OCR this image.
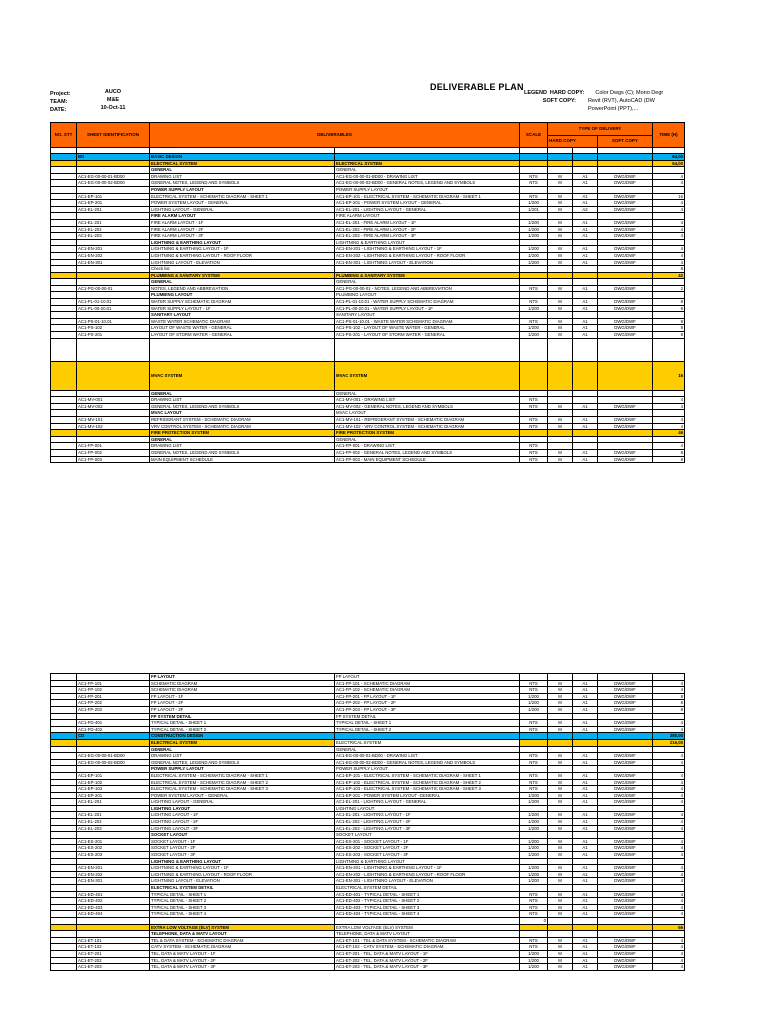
DELIVERABLE PLAN
Project:
TEAM:
DATE:
AUCO
M&E
10-Oct-11
LEGEND HARD COPY: Color Dwgs (C); Mono Degr
SOFT COPY: Revit (RVT), AutoCAD (DW
PowerPoint (PPT),...
NO. STT	SHEET IDENTIFICATION	DELIVERABLES		SCALE	TYPE OF DELIVERY			TIME (H)
					HARD COPY		SOFT COPY	

	BD	BASIC DESIGN						64,00
		ELECTRICAL SYSTEM	ELECTRICAL SYSTEM					64,00
		GENERAL	GENERAL					
	AC1-EG-00-00-01-BD00	DRAWING LIST	AC1-EG-00-00-01-BD00 - DRAWING LIST	NTS	M	A1	DWG/DWF	4
	AC1-EG-00-00-02-BD00	GENERAL NOTES, LEGEND AND SYMBOLS	AC1-EG-00-00-02-BD00 - GENERAL NOTES, LEGEND AND SYMBOLS	NTS	M	A1	DWG/DWF	4
		POWER SUPPLY LAYOUT	POWER SUPPLY LAYOUT					
	AC1-EP-101	ELECTRICAL SYSTEM - SCHEMATIC DIAGRAM - SHEET 1	AC1-EP-101 - ELECTRICAL SYSTEM - SCHEMATIC DIAGRAM - SHEET 1	NTS	M	A1	DWG/DWF	16
	AC1-EP-201	POWER SYSTEM LAYOUT - GENERAL	AC1-EP-201 - POWER SYSTEM LAYOUT - GENERAL	1/200	M	A1	DWG/DWF	4
	AC1-EL-201	LIGHTING LAYOUT - GENERAL	AC1-EL-201 - LIGHTING LAYOUT - GENERAL	1/201	M	A2	DWG/DWF	4
		FIRE ALARM LAYOUT	FIRE ALARM LAYOUT					
	AC1-EL-201	FIRE ALARM LAYOUT - 1F	AC1-EL-201 - FIRE ALARM LAYOUT - 1F	1/200	M	A1	DWG/DWF	4
	AC1-EL-202	FIRE ALARM LAYOUT - 2F	AC1-EL-202 - FIRE ALARM LAYOUT - 2F	1/200	M	A1	DWG/DWF	4
	AC1-EL-203	FIRE ALARM LAYOUT - 3F	AC1-EL-203 - FIRE ALARM LAYOUT - 3F	1/200	M	A1	DWG/DWF	4
		LIGHTNING & EARTHING LAYOUT	LIGHTNING & EARTHING LAYOUT					
	AC1-EN-201	LIGHTNING & EARTHING LAYOUT - 1F	AC1-EN-201 - LIGHTNING & EARTHING LAYOUT - 1F	1/200	M	A1	DWG/DWF	4
	AC1-EN-202	LIGHTNING & EARTHING LAYOUT - ROOF FLOOR	AC1-EN-202 - LIGHTNING & EARTHING LAYOUT - ROOF FLOOR	1/200	M	A1	DWG/DWF	4
	AC1-EN-301	LIGHTNING LAYOUT - ELEVATION	AC1-EN-301 - LIGHTNING LAYOUT - ELEVATION	1/200	M	A1	DWG/DWF	4
		Check list						8
		PLUMBING & SANITARY SYSTEM	PLUMBING & SANITARY SYSTEM					42
		GENERAL	GENERAL					
	AC1-PG-00-00-01	NOTES, LEGEND AND ABBREVIATION	AC1-PG-00-00-01 - NOTES, LEGEND AND ABBREVIATION	NTS	M	A1	DWG/DWF	2
		PLUMBING LAYOUT	PLUMBING LAYOUT					
	AC1-PL-01-10.01	WATER SUPPLY SCHEMATIC DIAGRAM	AC1-PL-01-10.01 - WATER SUPPLY SCHEMATIC DIAGRAM	NTS	M	A1	DWG/DWF	8
	AC1-PL-00-20.01	WATER SUPPLY LAYOUT - 1F	AC1-PL-00-20.01 - WATER SUPPLY LAYOUT - 1F	1/200	M	A1	DWG/DWF	8
		SANITARY LAYOUT	SANITARY LAYOUT					
	AC1-PS-01-10.01	WASTE WATER SCHEMATIC DIAGRAM	AC1-PS-01-10.01 - WASTE WATER SCHEMATIC DIAGRAM	NTS	M	A1	DWG/DWF	8
	AC1-PS-102	LAYOUT OF WASTE WATER - GENERAL	AC1-PS-102 - LAYOUT OF WASTE WATER - GENERAL	1/200	M	A1	DWG/DWF	8
	AC1-PS-201	LAYOUT OF STORM WATER - GENERAL	AC1-PS-201 - LAYOUT OF STORM WATER - GENERAL	1/200	M	A1	DWG/DWF	8

		MVAC SYSTEM	MVAC SYSTEM					16
		GENERAL	GENERAL					
	AC1-MV-001	DRAWING LIST	AC1-MV-001 - DRAWING LIST	NTS				4
	AC1-MV-002	GENERAL NOTES, LEGEND AND SYMBOLS	AC1-MV-002 - GENERAL NOTES, LEGEND AND SYMBOLS	NTS	M	A1	DWG/DWF	4
		MVAC LAYOUT	MVAC LAYOUT					
	AC1-MV-101	REFRIGERANT SYSTEM - SCHEMATIC DIAGRAM	AC1-MV-101 - REFRIGERANT SYSTEM - SCHEMATIC DIAGRAM	NTS	M	A1	DWG/DWF	4
	AC1-MV-102	VRV CONTROL SYSTEM - SCHEMATIC DIAGRAM	AC1-MV-102 - VRV CONTROL SYSTEM - SCHEMATIC DIAGRAM	NTS	M	A1	DWG/DWF	4
		FIRE PROTECTION SYSTEM	FIRE PROTECTION SYSTEM					46
		GENERAL	GENERAL					
	AC1-FP-001	DRAWING LIST	AC1-FP-001 - DRAWING LIST	NTS				4
	AC1-FP-002	GENERAL NOTES, LEGEND AND SYMBOLS	AC1-FP-002 - GENERAL NOTES, LEGEND AND SYMBOLS	NTS	M	A1	DWG/DWF	8
	AC1-FP-003	MAIN EQUIPMENT SCHEDULE	AC1-FP-003 - MAIN EQUIPMENT SCHEDULE	NTS	M	A1	DWG/DWF	8
		FP LAYOUT	FP LAYOUT					
	AC1-FP-101	SCHEMATIC DIAGRAM	AC1-FP-101 - SCHEMATIC DIAGRAM	NTS	M	A1	DWG/DWF	4
	AC1-FP-102	SCHEMATIC DIAGRAM	AC1-FP-102 - SCHEMATIC DIAGRAM	NTS	M	A1	DWG/DWF	4
	AC1-FP-201	FP LAYOUT - 1F	AC1-FP-201 - FP LAYOUT - 1F	1/200	M	A1	DWG/DWF	8
	AC1-FP-202	FP LAYOUT - 2F	AC1-FP-202 - FP LAYOUT - 2F	1/200	M	A1	DWG/DWF	8
	AC1-FP-203	FP LAYOUT - 3F	AC1-FP-203 - FP LAYOUT - 3F	1/200	M	A1	DWG/DWF	8
		FP SYSTEM DETAIL	FP SYSTEM DETAIL					
	AC1-FD-401	TYPICAL DETAIL - SHEET 1	TYPICAL DETAIL - SHEET 1	NTS	M	A1	DWG/DWF	4
	AC1-FD-402	TYPICAL DETAIL - SHEET 2	TYPICAL DETAIL - SHEET 2	NTS	M	A1	DWG/DWF	4
	CD	CONSTRUCTION DESIGN						380,00
		ELECTRICAL SYSTEM	ELECTRICAL SYSTEM					216,00
		GENERAL	GENERAL					
	AC1-EG-00-00-01-BD00	DRAWING LIST	AC1-EG-00-00-01-BD00 - DRAWING LIST	NTS	M	A1	DWG/DWF	4
	AC1-EG-00-00-02-BD00	GENERAL NOTES, LEGEND AND SYMBOLS	AC1-EG-00-00-02-BD00 - GENERAL NOTES, LEGEND AND SYMBOLS	NTS	M	A1	DWG/DWF	4
		POWER SUPPLY LAYOUT	POWER SUPPLY LAYOUT					
	AC1-EP-101	ELECTRICAL SYSTEM - SCHEMATIC DIAGRAM - SHEET 1	AC1-EP-101 - ELECTRICAL SYSTEM - SCHEMATIC DIAGRAM - SHEET 1	NTS	M	A1	DWG/DWF	4
	AC1-EP-102	ELECTRICAL SYSTEM - SCHEMATIC DIAGRAM - SHEET 2	AC1-EP-102 - ELECTRICAL SYSTEM - SCHEMATIC DIAGRAM - SHEET 2	NTS	M	A1	DWG/DWF	4
	AC1-EP-103	ELECTRICAL SYSTEM - SCHEMATIC DIAGRAM - SHEET 3	AC1-EP-103 - ELECTRICAL SYSTEM - SCHEMATIC DIAGRAM - SHEET 3	NTS	M	A1	DWG/DWF	4
	AC1-EP-201	POWER SYSTEM LAYOUT - GENERAL	AC1-EP-201 - POWER SYSTEM LAYOUT -GENERAL	1/200	M	A1	DWG/DWF	4
	AC1-EL-201	LIGHTING LAYOUT - GENERAL	AC1-EL-201 - LIGHTING LAYOUT - GENERAL	1/200	M	A1	DWG/DWF	4
		LIGHTING LAYOUT	LIGHTING LAYOUT					
	AC1-EL-201	LIGHTING LAYOUT - 1F	AC1-EL-201 - LIGHTING LAYOUT - 1F	1/200	M	A1	DWG/DWF	4
	AC1-EL-202	LIGHTING LAYOUT - 2F	AC1-EL-202 - LIGHTING LAYOUT - 2F	1/200	M	A1	DWG/DWF	4
	AC1-EL-203	LIGHTING LAYOUT - 3F	AC1-EL-203 - LIGHTING LAYOUT - 3F	1/200	M	A1	DWG/DWF	4
		SOCKET LAYOUT	SOCKET LAYOUT					
	AC1-ES-201	SOCKET LAYOUT - 1F	AC1-ES-201 - SOCKET LAYOUT - 1F	1/200	M	A1	DWG/DWF	4
	AC1-ES-202	SOCKET LAYOUT - 2F	AC1-ES-202 - SOCKET LAYOUT - 2F	1/200	M	A1	DWG/DWF	4
	AC1-ES-203	SOCKET LAYOUT - 3F	AC1-ES-203 - SOCKET LAYOUT - 3F	1/200	M	A1	DWG/DWF	4
		LIGHTNING & EARTHING LAYOUT	LIGHTNING & EARTHING LAYOUT					
	AC1-EN-201	LIGHTNING & EARTHING LAYOUT - 1F	AC1-EN-201 - LIGHTNING & EARTHING LAYOUT - 1F	1/200	M	A1	DWG/DWF	4
	AC1-EN-202	LIGHTNING & EARTHING LAYOUT - ROOF FLOOR	AC1-EN-202 - LIGHTNING & EARTHING LAYOUT - ROOF FLOOR	1/200	M	A1	DWG/DWF	4
	AC1-EN-301	LIGHTNING LAYOUT - ELEVATION	AC1-EN-301 - LIGHTNING LAYOUT - ELEVATION	1/200	M	A1	DWG/DWF	4
		ELECTRICAL SYSTEM DETAIL	ELECTRICAL SYSTEM DETAIL					
	AC1-ED-401	TYPICAL DETAIL - SHEET 1	AC1-ED-401 - TYPICAL DETAIL - SHEET 1	NTS	M	A1	DWG/DWF	4
	AC1-ED-402	TYPICAL DETAIL - SHEET 2	AC1-ED-402 - TYPICAL DETAIL - SHEET 2	NTS	M	A1	DWG/DWF	4
	AC1-ED-403	TYPICAL DETAIL - SHEET 3	AC1-ED-403 - TYPICAL DETAIL - SHEET 3	NTS	M	A1	DWG/DWF	4
	AC1-ED-404	TYPICAL DETAIL - SHEET 4	AC1-ED-404 - TYPICAL DETAIL - SHEET 4	NTS	M	A1	DWG/DWF	4
				0				
		EXTRA LOW VOLTAGE (ELV) SYSTEM	EXTRA LOW VOLTAGE (ELV) SYSTEM					66
		TELEPHONE, DATA & MATV LAYOUT	TELEPHONE, DATA & MATV LAYOUT					
	AC1-ET-101	TEL & DATA SYSTEM - SCHEMATIC DIAGRAM	AC1-ET-101 - TEL & DATA SYSTEM - SCHEMATIC DIAGRAM	NTS	M	A1	DWG/DWF	4
	AC1-ET-102	CATV SYSTEM - SCHEMATIC DIAGRAM	AC1-ET-102 - CATV SYSTEM - SCHEMATIC DIAGRAM	NTS	M	A1	DWG/DWF	4
	AC1-ET-201	TEL, DATA & MATV LAYOUT - 1F	AC1-ET-201 - TEL, DATA & MATV LAYOUT - 1F	1/200	M	A1	DWG/DWF	4
	AC1-ET-202	TEL, DATA & MATV LAYOUT - 2F	AC1-ET-202 - TEL, DATA & MATV LAYOUT - 2F	1/200	M	A1	DWG/DWF	4
	AC1-ET-203	TEL, DATA & MATV LAYOUT - 3F	AC1-ET-203 - TEL, DATA & MATV LAYOUT - 3F	1/200	M	A1	DWG/DWF	4
